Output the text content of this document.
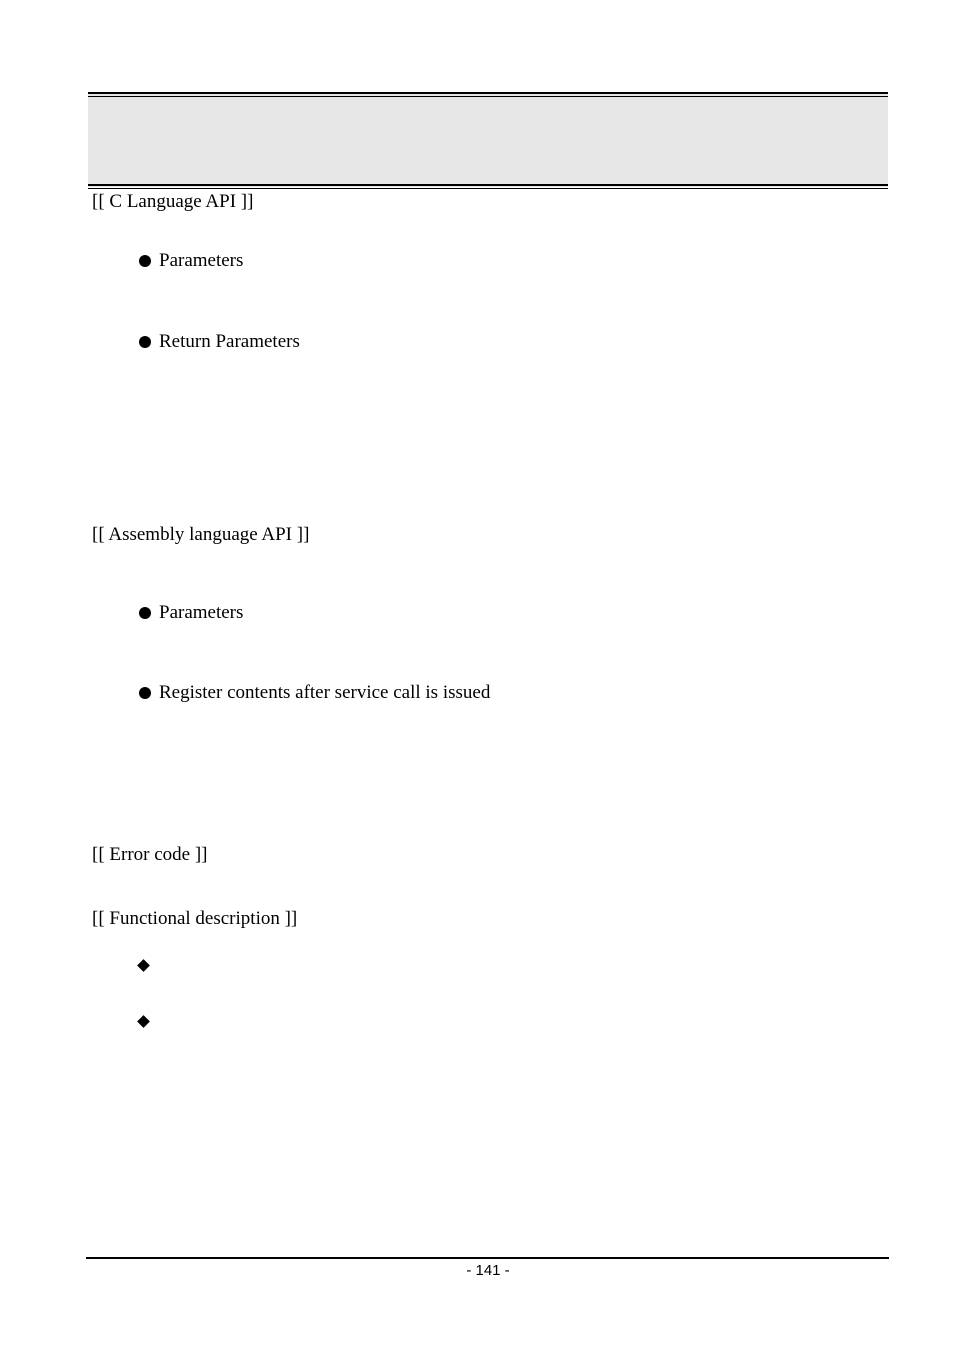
[[ C Language API ]]
Parameters
Return Parameters
[[ Assembly language API ]]
Parameters
Register contents after service call is issued
[[ Error code ]]
[[ Functional description ]]
- 141 -
